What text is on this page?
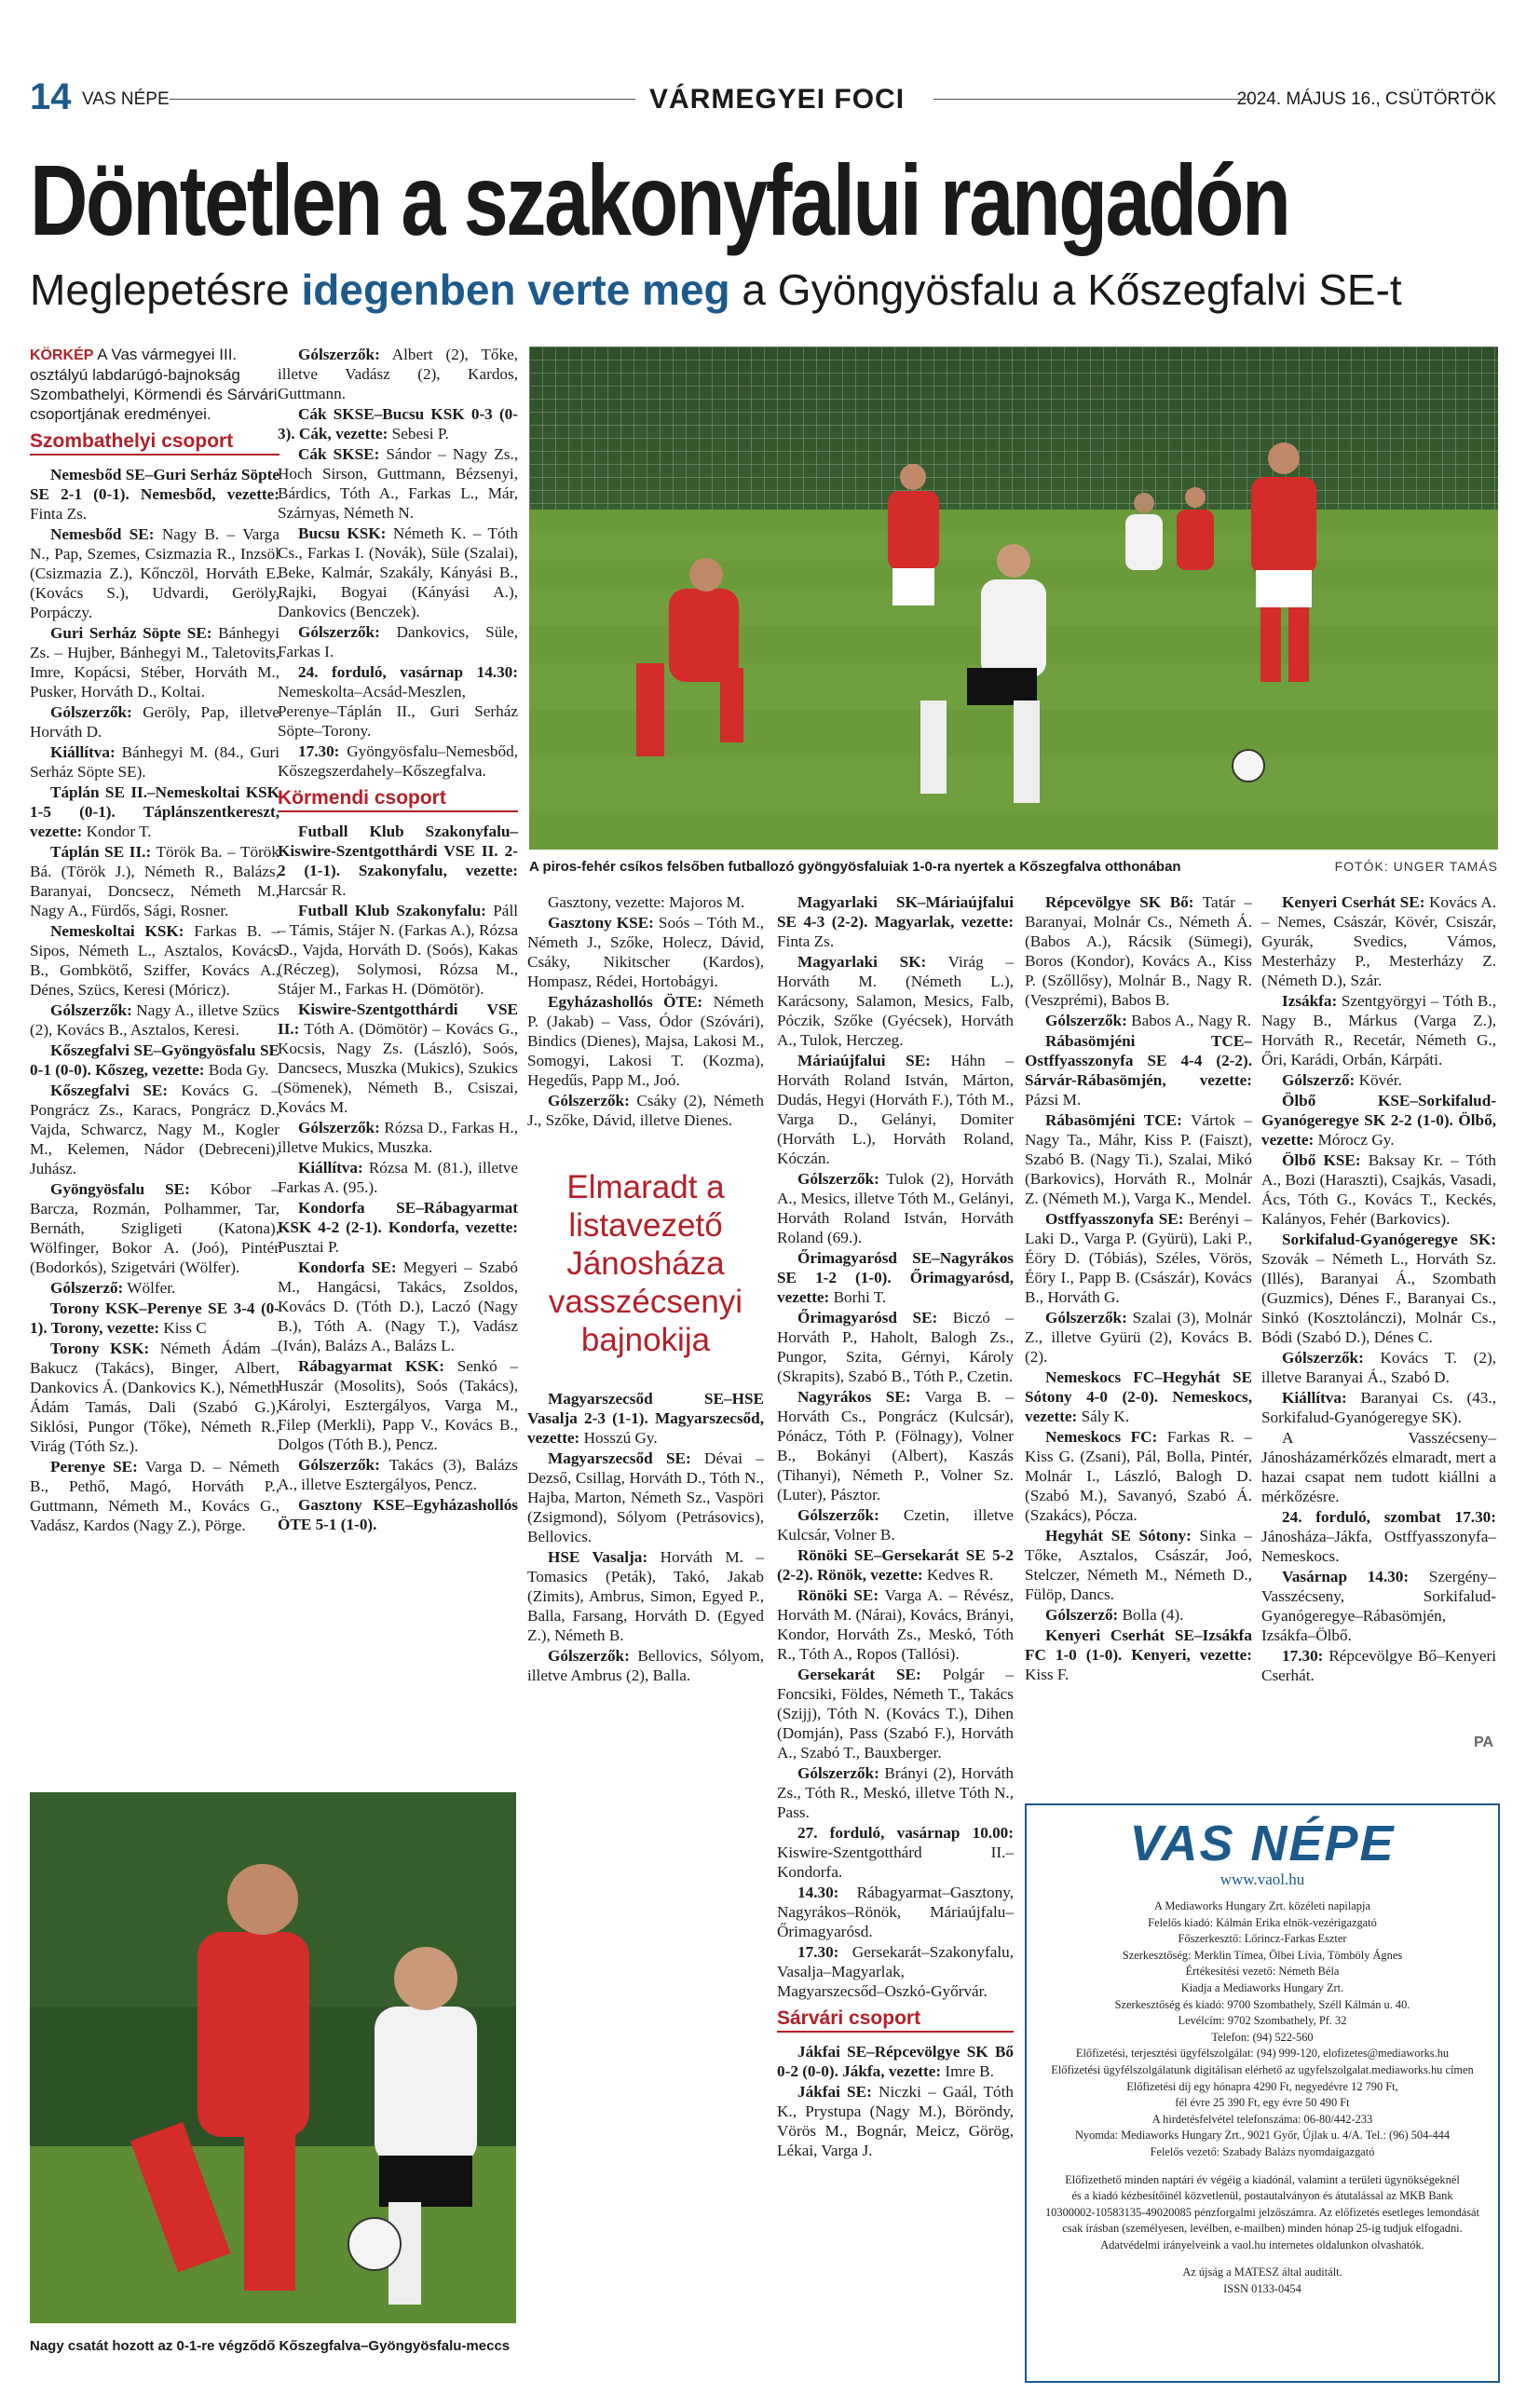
14 VAS NÉPE	VÁRMEGYEI FOCI	2024. MÁJUS 16., CSÜTÖRTÖK
Döntetlen a szakonyfalui rangadón
Meglepetésre idegenben verte meg a Gyöngyösfalu a Kőszegfalvi SE-t

KÖRKÉP A Vas vármegyei III. osztályú labdarúgó-bajnokság Szombathelyi, Körmendi és Sárvári csoportjának eredményei.

Szombathelyi csoport

Nemesbőd SE–Guri Serház Söpte SE 2-1 (0-1). Nemesbőd, vezette: Finta Zs.

Nemesbőd SE: Nagy B. – Varga N., Pap, Szemes, Csizmazia R., Inzsöl (Csizmazia Z.), Kőnczöl, Horváth E. (Kovács S.), Udvardi, Geröly, Porpáczy.

Guri Serház Söpte SE: Bánhegyi Zs. – Hujber, Bánhegyi M., Taletovits, Imre, Kopácsi, Stéber, Horváth M., Pusker, Horváth D., Koltai.

Gólszerzők: Geröly, Pap, illetve Horváth D.

Kiállítva: Bánhegyi M. (84., Guri Serház Söpte SE).

Táplán SE II.–Nemeskoltai KSK 1-5 (0-1). Táplánszentkereszt, vezette: Kondor T.

Táplán SE II.: Török Ba. – Török Bá. (Török J.), Németh R., Balázs, Baranyai, Doncsecz, Németh M., Nagy A., Fürdős, Sági, Rosner.

Nemeskoltai KSK: Farkas B. – Sipos, Németh L., Asztalos, Kovács B., Gombkötő, Sziffer, Kovács A., Dénes, Szücs, Keresi (Móricz).

Gólszerzők: Nagy A., illetve Szücs (2), Kovács B., Asztalos, Keresi.

Kőszegfalvi SE–Gyöngyösfalu SE 0-1 (0-0). Kőszeg, vezette: Boda Gy.

Kőszegfalvi SE: Kovács G. – Pongrácz Zs., Karacs, Pongrácz D., Vajda, Schwarcz, Nagy M., Kogler M., Kelemen, Nádor (Debreceni), Juhász.

Gyöngyösfalu SE: Kóbor – Barcza, Rozmán, Polhammer, Tar, Bernáth, Szigligeti (Katona), Wölfinger, Bokor A. (Joó), Pintér (Bodorkós), Szigetvári (Wölfer).

Gólszerző: Wölfer.

Torony KSK–Perenye SE 3-4 (0-1). Torony, vezette: Kiss C

Torony KSK: Németh Ádám – Bakucz (Takács), Binger, Albert, Dankovics Á. (Dankovics K.), Németh Ádám Tamás, Dali (Szabó G.), Siklósi, Pungor (Tőke), Németh R., Virág (Tóth Sz.).

Perenye SE: Varga D. – Németh B., Pethő, Magó, Horváth P., Guttmann, Németh M., Kovács G., Vadász, Kardos (Nagy Z.), Pörge.

Gólszerzők: Albert (2), Tőke, illetve Vadász (2), Kardos, Guttmann.

Cák SKSE–Bucsu KSK 0-3 (0-3). Cák, vezette: Sebesi P.

Cák SKSE: Sándor – Nagy Zs., Hoch Sirson, Guttmann, Bézsenyi, Bárdics, Tóth A., Farkas L., Már, Szárnyas, Németh N.

Bucsu KSK: Németh K. – Tóth Cs., Farkas I. (Novák), Süle (Szalai), Beke, Kalmár, Szakály, Kányási B., Rajki, Bogyai (Kányási A.), Dankovics (Benczek).

Gólszerzők: Dankovics, Süle, Farkas I.

24. forduló, vasárnap 14.30: Nemeskolta–Acsád-Meszlen, Perenye–Táplán II., Guri Serház Söpte–Torony.

17.30: Gyöngyösfalu–Nemesbőd, Kőszegszerdahely–Kőszegfalva.

Körmendi csoport

Futball Klub Szakonyfalu–Kiswire-Szentgotthárdi VSE II. 2-2 (1-1). Szakonyfalu, vezette: Harcsár R.

Futball Klub Szakonyfalu: Páll – Támis, Stájer N. (Farkas A.), Rózsa D., Vajda, Horváth D. (Soós), Kakas (Réczeg), Solymosi, Rózsa M., Stájer M., Farkas H. (Dömötör).

Kiswire-Szentgotthárdi VSE II.: Tóth A. (Dömötör) – Kovács G., Kocsis, Nagy Zs. (László), Soós, Dancsecs, Muszka (Mukics), Szukics (Sömenek), Németh B., Csiszai, Kovács M.

Gólszerzők: Rózsa D., Farkas H., illetve Mukics, Muszka.

Kiállítva: Rózsa M. (81.), illetve Farkas A. (95.).

Kondorfa SE–Rábagyarmat KSK 4-2 (2-1). Kondorfa, vezette: Pusztai P.

Kondorfa SE: Megyeri – Szabó M., Hangácsi, Takács, Zsoldos, Kovács D. (Tóth D.), Laczó (Nagy B.), Tóth A. (Nagy T.), Vadász (Iván), Balázs A., Balázs L.

Rábagyarmat KSK: Senkó – Huszár (Mosolits), Soós (Takács), Károlyi, Esztergályos, Varga M., Filep (Merkli), Papp V., Kovács B., Dolgos (Tóth B.), Pencz.

Gólszerzők: Takács (3), Balázs A., illetve Esztergályos, Pencz.

Gasztony KSE–Egyházashollós ÖTE 5-1 (1-0).

A piros-fehér csíkos felsőben futballozó gyöngyösfaluiak 1-0-ra nyertek a Kőszegfalva otthonában	FOTÓK: UNGER TAMÁS

Gasztony, vezette: Majoros M.

Gasztony KSE: Soós – Tóth M., Németh J., Szőke, Holecz, Dávid, Csáky, Nikitscher (Kardos), Hompasz, Rédei, Hortobágyi.

Egyházashollós ÖTE: Németh P. (Jakab) – Vass, Ódor (Szóvári), Bindics (Dienes), Majsa, Lakosi M., Somogyi, Lakosi T. (Kozma), Hegedűs, Papp M., Joó.

Gólszerzők: Csáky (2), Németh J., Szőke, Dávid, illetve Dienes.

Elmaradt a listavezető Jánosháza vasszécsenyi bajnokija

Magyarszecsőd SE–HSE Vasalja 2-3 (1-1). Magyarszecsőd, vezette: Hosszú Gy.

Magyarszecsőd SE: Dévai – Dezső, Csillag, Horváth D., Tóth N., Hajba, Marton, Németh Sz., Vaspöri (Zsigmond), Sólyom (Petrásovics), Bellovics.

HSE Vasalja: Horváth M. – Tomasics (Peták), Takó, Jakab (Zimits), Ambrus, Simon, Egyed P., Balla, Farsang, Horváth D. (Egyed Z.), Németh B.

Gólszerzők: Bellovics, Sólyom, illetve Ambrus (2), Balla.

Magyarlaki SK–Máriaújfalui SE 4-3 (2-2). Magyarlak, vezette: Finta Zs.

Magyarlaki SK: Virág – Horváth M. (Németh L.), Karácsony, Salamon, Mesics, Falb, Póczik, Szőke (Gyécsek), Horváth A., Tulok, Herczeg.

Máriaújfalui SE: Háhn – Horváth Roland István, Márton, Dudás, Hegyi (Horváth F.), Tóth M., Varga D., Gelányi, Domiter (Horváth L.), Horváth Roland, Kóczán.

Gólszerzők: Tulok (2), Horváth A., Mesics, illetve Tóth M., Gelányi, Horváth Roland István, Horváth Roland (69.).

Őrimagyarósd SE–Nagyrákos SE 1-2 (1-0). Őrimagyarósd, vezette: Borhi T.

Őrimagyarósd SE: Biczó – Horváth P., Haholt, Balogh Zs., Pungor, Szita, Gérnyi, Károly (Skrapits), Szabó B., Tóth P., Czetin.

Nagyrákos SE: Varga B. – Horváth Cs., Pongrácz (Kulcsár), Pónácz, Tóth P. (Fölnagy), Volner B., Bokányi (Albert), Kaszás (Tihanyi), Németh P., Volner Sz. (Luter), Pásztor.

Gólszerzők: Czetin, illetve Kulcsár, Volner B.

Rönöki SE–Gersekarát SE 5-2 (2-2). Rönök, vezette: Kedves R.

Rönöki SE: Varga A. – Révész, Horváth M. (Nárai), Kovács, Brányi, Kondor, Horváth Zs., Meskó, Tóth R., Tóth A., Ropos (Tallósi).

Gersekarát SE: Polgár – Foncsiki, Földes, Németh T., Takács (Szijj), Tóth N. (Kovács T.), Dihen (Domján), Pass (Szabó F.), Horváth A., Szabó T., Bauxberger.

Gólszerzők: Brányi (2), Horváth Zs., Tóth R., Meskó, illetve Tóth N., Pass.

27. forduló, vasárnap 10.00: Kiswire-Szentgotthárd II.–Kondorfa.

14.30: Rábagyarmat–Gasztony, Nagyrákos–Rönök, Máriaújfalu–Őrimagyarósd.

17.30: Gersekarát–Szakonyfalu, Vasalja–Magyarlak, Magyarszecsőd–Oszkó-Győrvár.

Sárvári csoport

Jákfai SE–Répcevölgye SK Bő 0-2 (0-0). Jákfa, vezette: Imre B.

Jákfai SE: Niczki – Gaál, Tóth K., Prystupa (Nagy M.), Böröndy, Vörös M., Bognár, Meicz, Görög, Lékai, Varga J.

Répcevölgye SK Bő: Tatár – Baranyai, Molnár Cs., Németh Á. (Babos A.), Rácsik (Sümegi), Boros (Kondor), Kovács A., Kiss P. (Szőllősy), Molnár B., Nagy R. (Veszprémi), Babos B.

Gólszerzők: Babos A., Nagy R.

Rábasömjéni TCE–Ostffyasszonyfa SE 4-4 (2-2). Sárvár-Rábasömjén, vezette: Pázsi M.

Rábasömjéni TCE: Vártok – Nagy Ta., Máhr, Kiss P. (Faiszt), Szabó B. (Nagy Ti.), Szalai, Mikó (Barkovics), Horváth R., Molnár Z. (Németh M.), Varga K., Mendel.

Ostffyasszonyfa SE: Berényi – Laki D., Varga P. (Gyürü), Laki P., Éöry D. (Tóbiás), Széles, Vörös, Éöry I., Papp B. (Császár), Kovács B., Horváth G.

Gólszerzők: Szalai (3), Molnár Z., illetve Gyürü (2), Kovács B. (2).

Nemeskocs FC–Hegyhát SE Sótony 4-0 (2-0). Nemeskocs, vezette: Sály K.

Nemeskocs FC: Farkas R. – Kiss G. (Zsani), Pál, Bolla, Pintér, Molnár I., László, Balogh D. (Szabó M.), Savanyó, Szabó Á. (Szakács), Pócza.

Hegyhát SE Sótony: Sinka – Tőke, Asztalos, Császár, Joó, Stelczer, Németh M., Németh D., Fülöp, Dancs.

Gólszerző: Bolla (4).

Kenyeri Cserhát SE–Izsákfa FC 1-0 (1-0). Kenyeri, vezette: Kiss F.

Kenyeri Cserhát SE: Kovács A. – Nemes, Császár, Kövér, Csiszár, Gyurák, Svedics, Vámos, Mesterházy P., Mesterházy Z. (Németh D.), Szár.

Izsákfa: Szentgyörgyi – Tóth B., Nagy B., Márkus (Varga Z.), Horváth R., Recetár, Németh G., Őri, Karádi, Orbán, Kárpáti.

Gólszerző: Kövér.

Ölbő KSE–Sorkifalud-Gyanógeregye SK 2-2 (1-0). Ölbő, vezette: Mórocz Gy.

Ölbő KSE: Baksay Kr. – Tóth A., Bozi (Haraszti), Csajkás, Vasadi, Ács, Tóth G., Kovács T., Keckés, Kalányos, Fehér (Barkovics).

Sorkifalud-Gyanógeregye SK: Szovák – Németh L., Horváth Sz. (Illés), Baranyai Á., Szombath (Guzmics), Dénes F., Baranyai Cs., Sinkó (Kosztolánczi), Molnár Cs., Bódi (Szabó D.), Dénes C.

Gólszerzők: Kovács T. (2), illetve Baranyai Á., Szabó D.

Kiállítva: Baranyai Cs. (43., Sorkifalud-Gyanógeregye SK).

A Vasszécseny–Jánosházamérkőzés elmaradt, mert a hazai csapat nem tudott kiállni a mérkőzésre.

24. forduló, szombat 17.30: Jánosháza–Jákfa, Ostffyasszonyfa–Nemeskocs.

Vasárnap 14.30: Szergény–Vasszécseny, Sorkifalud-Gyanógeregye–Rábasömjén, Izsákfa–Ölbő.

17.30: Répcevölgye Bő–Kenyeri Cserhát.

PA
Nagy csatát hozott az 0-1-re végződő Kőszegfalva–Gyöngyösfalu-meccs
VAS NÉPE
www.vaol.hu
A Mediaworks Hungary Zrt. közéleti napilapja
Felelős kiadó: Kálmán Erika elnök-vezérigazgató
Főszerkesztő: Lőrincz-Farkas Eszter
Szerkesztőség: Merklin Tímea, Ölbei Lívia, Tömböly Ágnes
Értékesítési vezető: Németh Béla
Kiadja a Mediaworks Hungary Zrt.
Szerkesztőség és kiadó: 9700 Szombathely, Széll Kálmán u. 40.
Levélcím: 9702 Szombathely, Pf. 32
Telefon: (94) 522-560
Előfizetési, terjesztési ügyfélszolgálat: (94) 999-120, elofizetes@mediaworks.hu
Előfizetési ügyfélszolgálatunk digitálisan elérhető az ugyfelszolgalat.mediaworks.hu címen
Előfizetési díj egy hónapra 4290 Ft, negyedévre 12 790 Ft,
fél évre 25 390 Ft, egy évre 50 490 Ft
A hirdetésfelvétel telefonszáma: 06-80/442-233
Nyomda: Mediaworks Hungary Zrt., 9021 Győr, Újlak u. 4/A. Tel.: (96) 504-444
Felelős vezető: Szabady Balázs nyomdaigazgató
Előfizethető minden naptári év végéig a kiadónál, valamint a területi ügynökségeknél
és a kiadó kézbesítőinél közvetlenül, postautalványon és átutalással az MKB Bank
10300002-10583135-49020085 pénzforgalmi jelzőszámra. Az előfizetés esetleges lemondását
csak írásban (személyesen, levélben, e-mailben) minden hónap 25-ig tudjuk elfogadni.
Adatvédelmi irányelveink a vaol.hu internetes oldalunkon olvashatók.
Az újság a MATESZ által auditált.
ISSN 0133-0454
